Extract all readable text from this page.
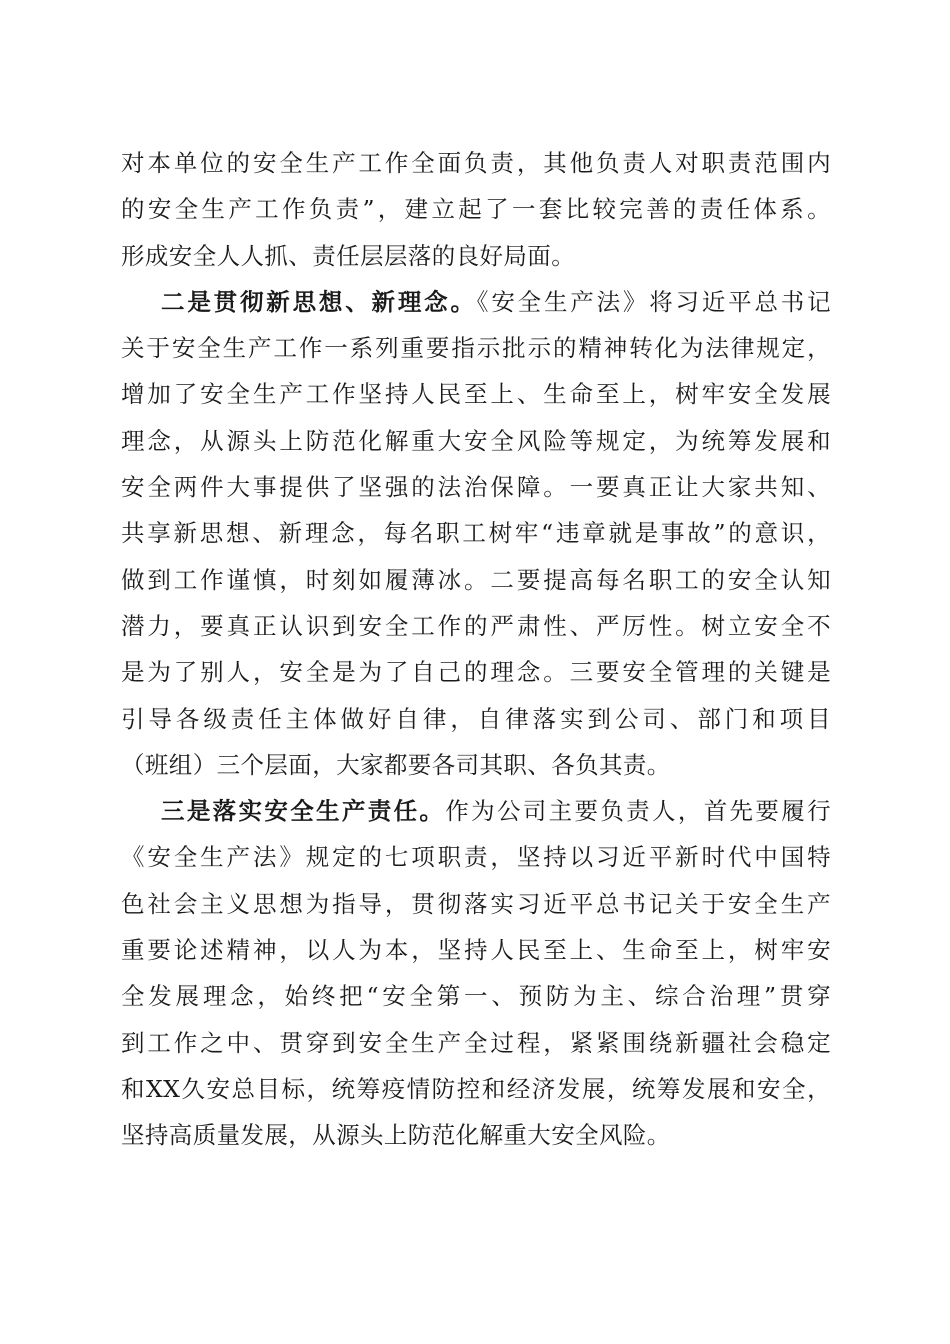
对本单位的安全生产工作全面负责，其他负责人对职责范围内
的安全生产工作负责”，建立起了一套比较完善的责任体系。
形成安全人人抓、责任层层落的良好局面。

二是贯彻新思想、新理念。《安全生产法》将习近平总书记
关于安全生产工作一系列重要指示批示的精神转化为法律规定，
增加了安全生产工作坚持人民至上、生命至上，树牢安全发展
理念，从源头上防范化解重大安全风险等规定，为统筹发展和
安全两件大事提供了坚强的法治保障。一要真正让大家共知、
共享新思想、新理念，每名职工树牢“违章就是事故”的意识，
做到工作谨慎，时刻如履薄冰。二要提高每名职工的安全认知
潜力，要真正认识到安全工作的严肃性、严厉性。树立安全不
是为了别人，安全是为了自己的理念。三要安全管理的关键是
引导各级责任主体做好自律，自律落实到公司、部门和项目
（班组）三个层面，大家都要各司其职、各负其责。

三是落实安全生产责任。作为公司主要负责人，首先要履行
《安全生产法》规定的七项职责，坚持以习近平新时代中国特
色社会主义思想为指导，贯彻落实习近平总书记关于安全生产
重要论述精神，以人为本，坚持人民至上、生命至上，树牢安
全发展理念，始终把“安全第一、预防为主、综合治理”贯穿
到工作之中、贯穿到安全生产全过程，紧紧围绕新疆社会稳定
和XX久安总目标，统筹疫情防控和经济发展，统筹发展和安全，
坚持高质量发展，从源头上防范化解重大安全风险。
